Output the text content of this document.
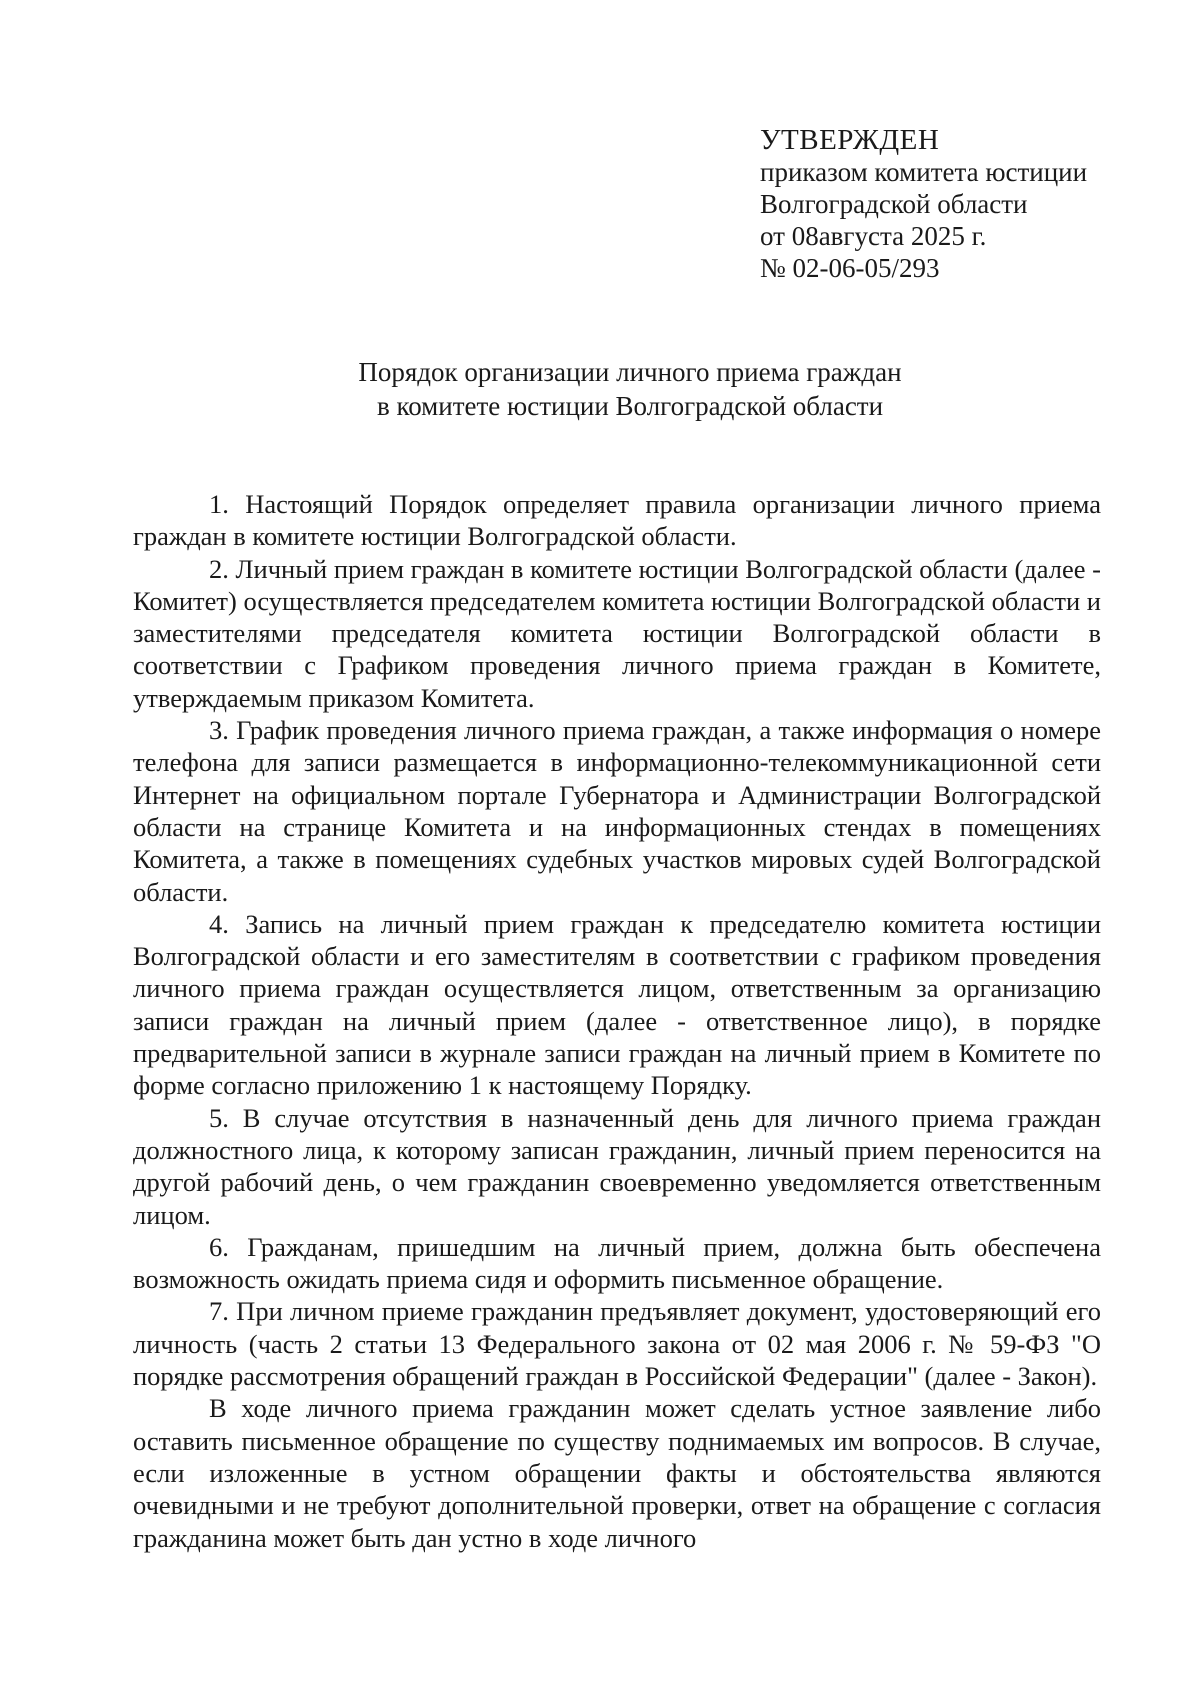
УТВЕРЖДЕН
приказом комитета юстиции
Волгоградской области
от 08августа 2025 г.
№ 02-06-05/293
Порядок организации личного приема граждан
в комитете юстиции Волгоградской области

1. Настоящий Порядок определяет правила организации личного приема граждан в комитете юстиции Волгоградской области.

2. Личный прием граждан в комитете юстиции Волгоградской области (далее - Комитет) осуществляется председателем комитета юстиции Волгоградской области и заместителями председателя комитета юстиции Волгоградской области в соответствии с Графиком проведения личного приема граждан в Комитете, утверждаемым приказом Комитета.

3. График проведения личного приема граждан, а также информация о номере телефона для записи размещается в информационно-телекоммуникационной сети Интернет на официальном портале Губернатора и Администрации Волгоградской области на странице Комитета и на информационных стендах в помещениях Комитета, а также в помещениях судебных участков мировых судей Волгоградской области.

4. Запись на личный прием граждан к председателю комитета юстиции Волгоградской области и его заместителям в соответствии с графиком проведения личного приема граждан осуществляется лицом, ответственным за организацию записи граждан на личный прием (далее - ответственное лицо), в порядке предварительной записи в журнале записи граждан на личный прием в Комитете по форме согласно приложению 1 к настоящему Порядку.

5. В случае отсутствия в назначенный день для личного приема граждан должностного лица, к которому записан гражданин, личный прием переносится на другой рабочий день, о чем гражданин своевременно уведомляется ответственным лицом.

6. Гражданам, пришедшим на личный прием, должна быть обеспечена возможность ожидать приема сидя и оформить письменное обращение.

7. При личном приеме гражданин предъявляет документ, удостоверяющий его личность (часть 2 статьи 13 Федерального закона от 02 мая 2006 г. № 59-ФЗ "О порядке рассмотрения обращений граждан в Российской Федерации" (далее - Закон).

В ходе личного приема гражданин может сделать устное заявление либо оставить письменное обращение по существу поднимаемых им вопросов. В случае, если изложенные в устном обращении факты и обстоятельства являются очевидными и не требуют дополнительной проверки, ответ на обращение с согласия гражданина может быть дан устно в ходе личного
